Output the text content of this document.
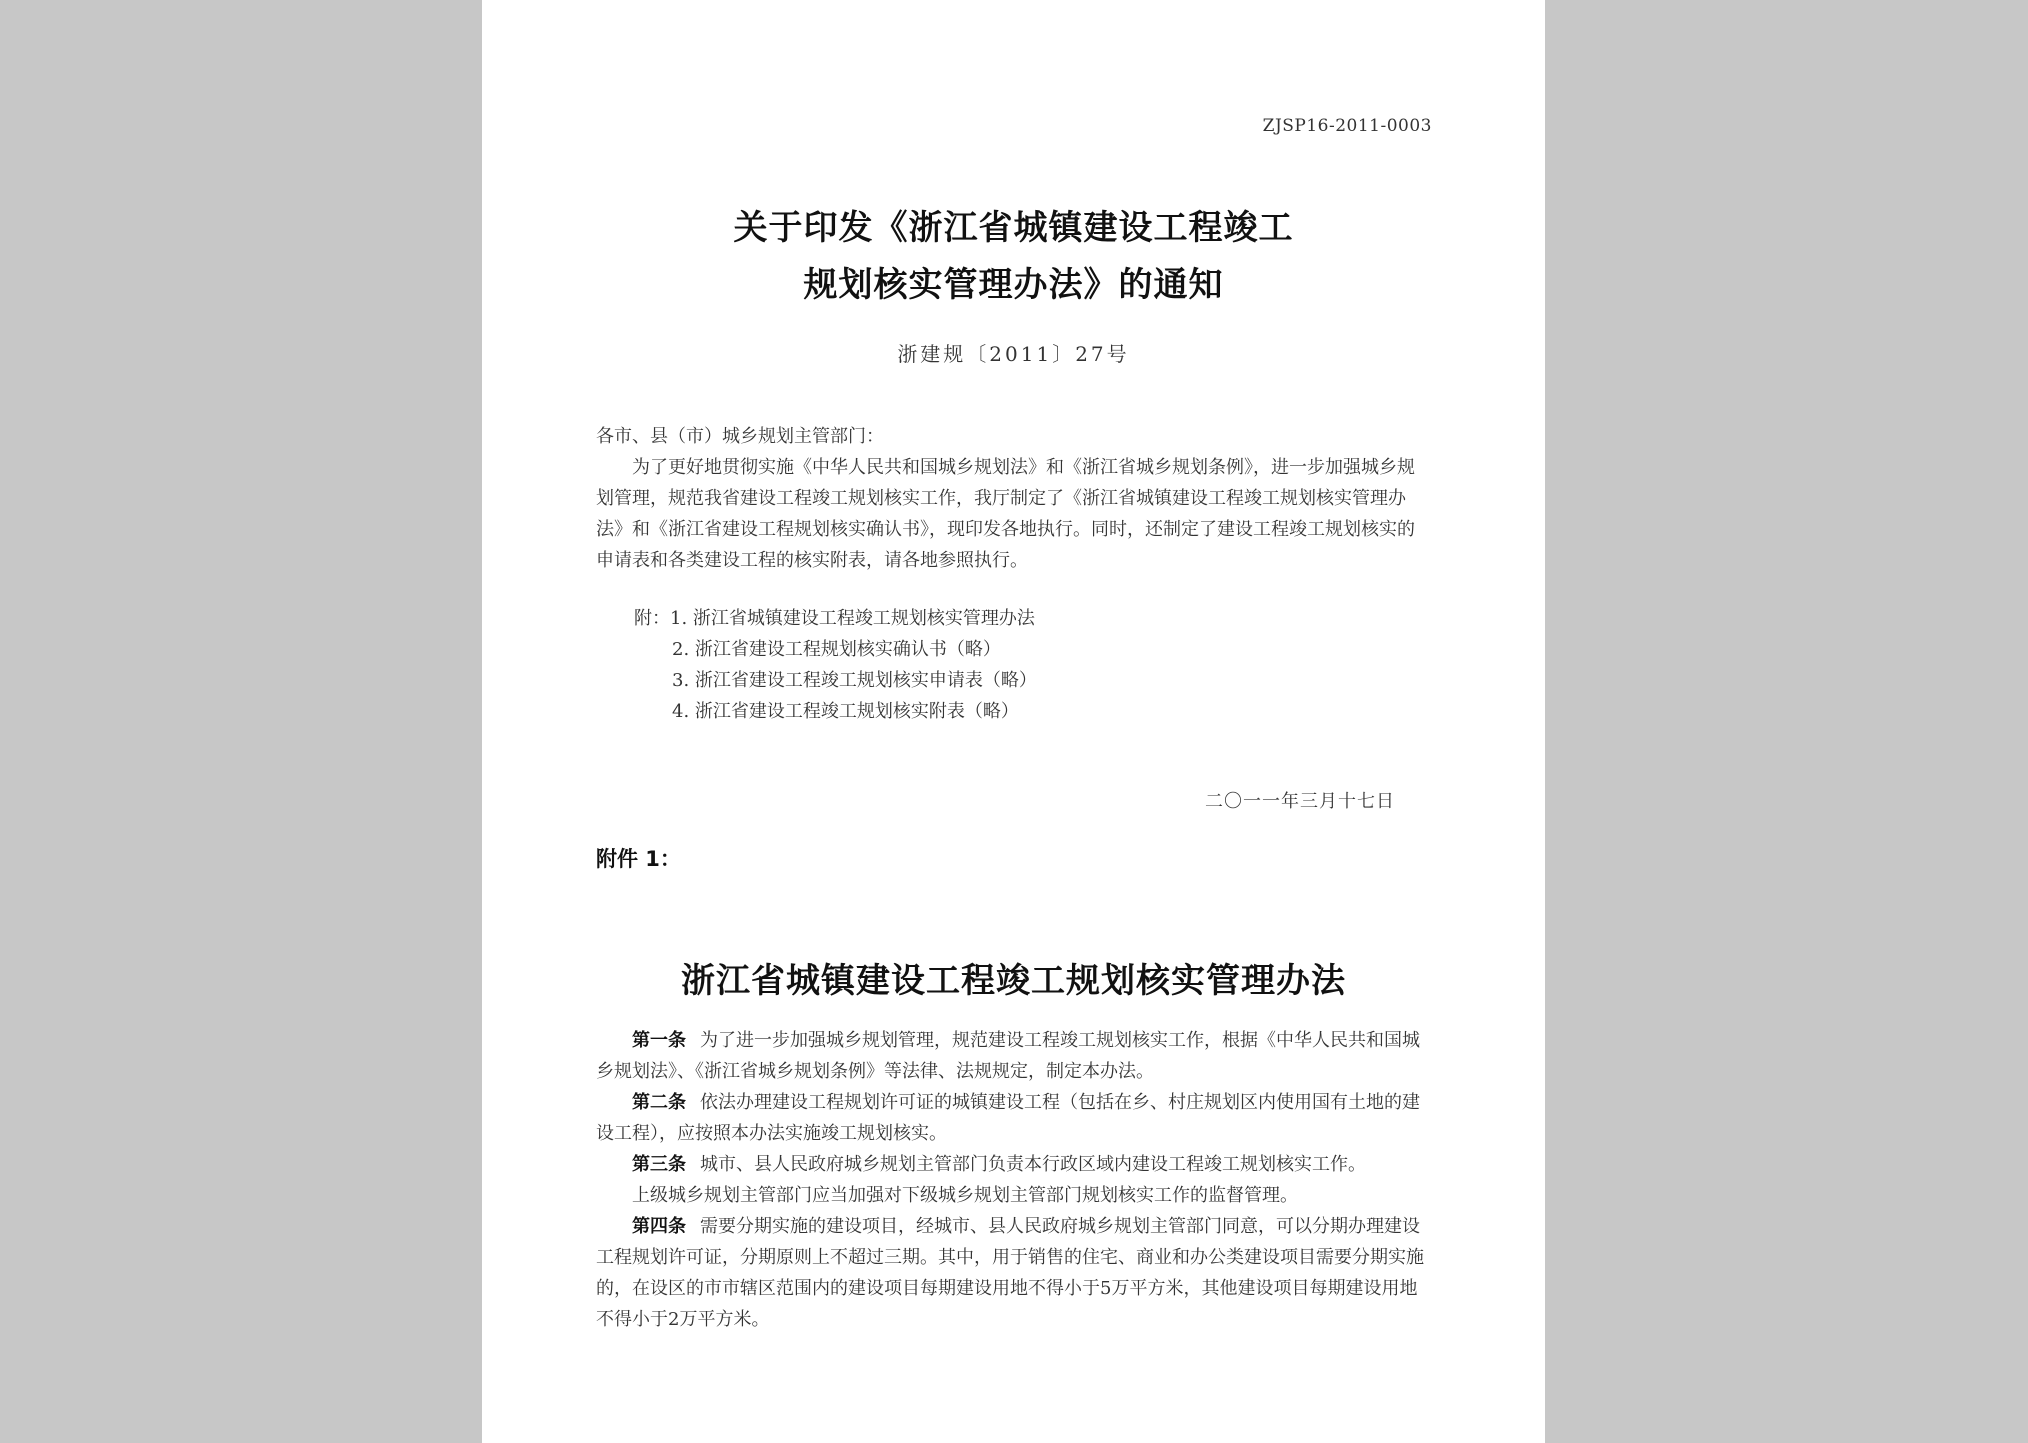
ZJSP16-2011-0003
关于印发《浙江省城镇建设工程竣工
规划核实管理办法》的通知
浙建规〔2011〕27号
各市、县（市）城乡规划主管部门：

为了更好地贯彻实施《中华人民共和国城乡规划法》和《浙江省城乡规划条例》，进一步加强城乡规划管理，规范我省建设工程竣工规划核实工作，我厅制定了《浙江省城镇建设工程竣工规划核实管理办法》和《浙江省建设工程规划核实确认书》，现印发各地执行。同时，还制定了建设工程竣工规划核实的申请表和各类建设工程的核实附表，请各地参照执行。

附：1. 浙江省城镇建设工程竣工规划核实管理办法
2. 浙江省建设工程规划核实确认书（略）
3. 浙江省建设工程竣工规划核实申请表（略）
4. 浙江省建设工程竣工规划核实附表（略）
二〇一一年三月十七日
附件 1：
浙江省城镇建设工程竣工规划核实管理办法

第一条 为了进一步加强城乡规划管理，规范建设工程竣工规划核实工作，根据《中华人民共和国城乡规划法》、《浙江省城乡规划条例》等法律、法规规定，制定本办法。

第二条 依法办理建设工程规划许可证的城镇建设工程（包括在乡、村庄规划区内使用国有土地的建设工程），应按照本办法实施竣工规划核实。

第三条 城市、县人民政府城乡规划主管部门负责本行政区域内建设工程竣工规划核实工作。

上级城乡规划主管部门应当加强对下级城乡规划主管部门规划核实工作的监督管理。

第四条 需要分期实施的建设项目，经城市、县人民政府城乡规划主管部门同意，可以分期办理建设工程规划许可证，分期原则上不超过三期。其中，用于销售的住宅、商业和办公类建设项目需要分期实施的，在设区的市市辖区范围内的建设项目每期建设用地不得小于5万平方米，其他建设项目每期建设用地不得小于2万平方米。
